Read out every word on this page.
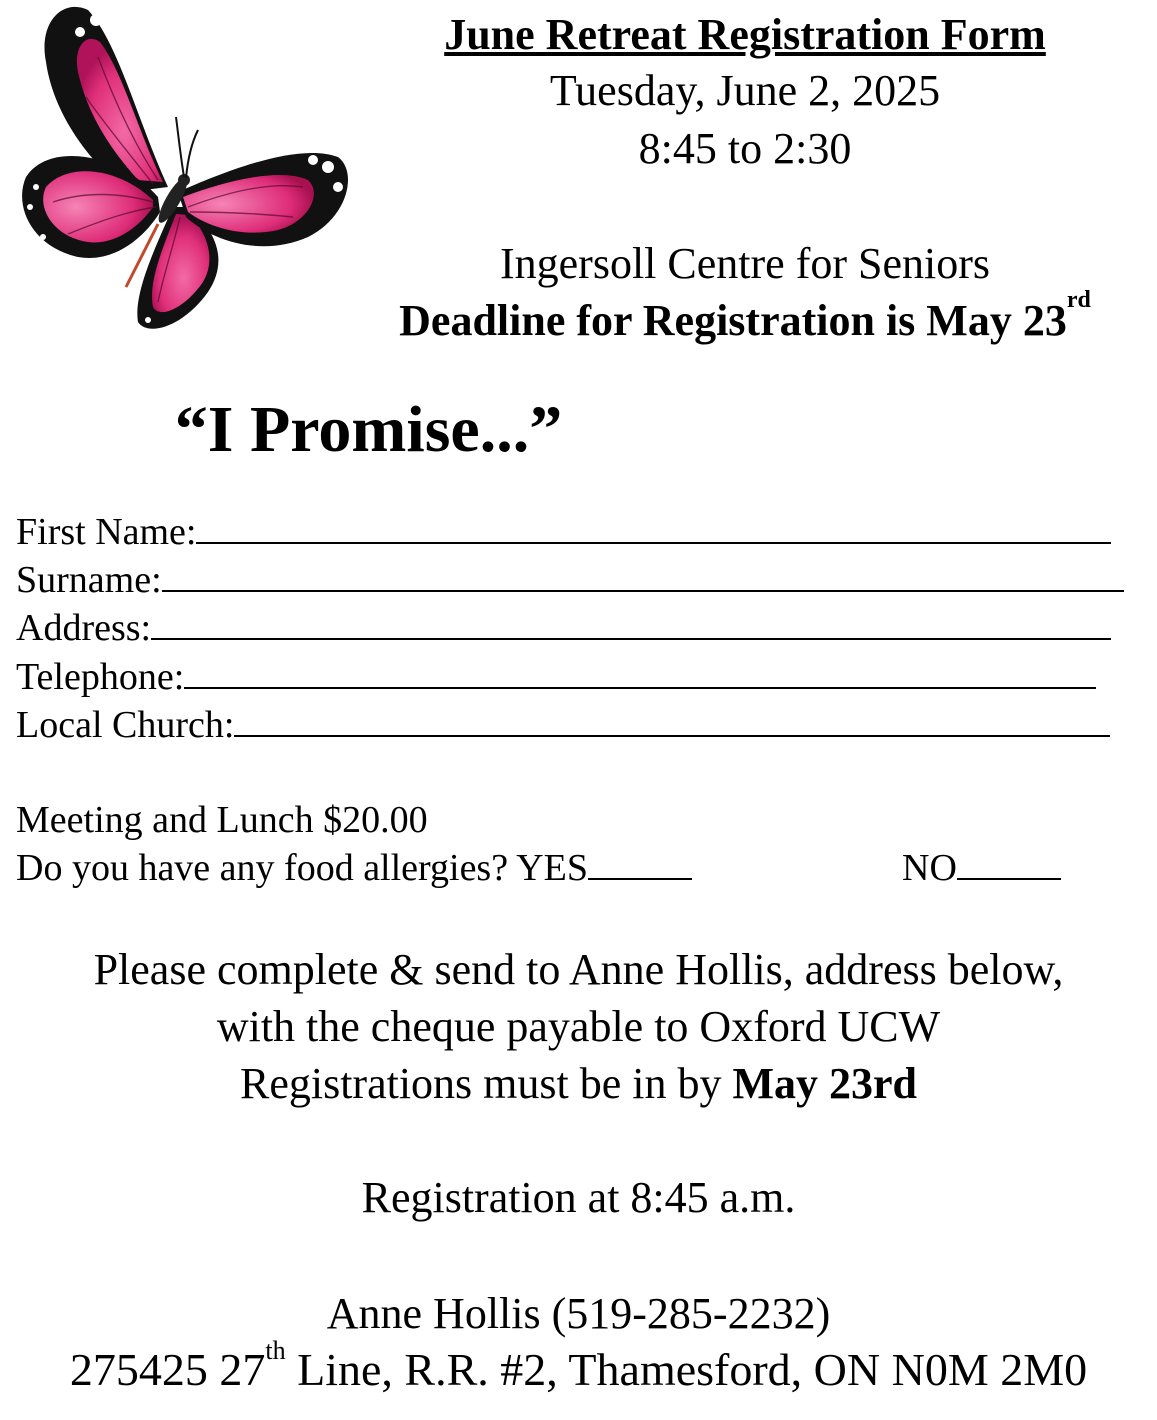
June Retreat Registration Form
Tuesday, June 2, 2025
8:45 to 2:30
Ingersoll Centre for Seniors
Deadline for Registration is May 23rd
“I Promise...”
First Name:
Surname:
Address:
Telephone:
Local Church:
Meeting and Lunch $20.00
Do you have any food allergies? YES	NO
Please complete & send to Anne Hollis, address below,
with the cheque payable to Oxford UCW
Registrations must be in by May 23rd
Registration at 8:45 a.m.
Anne Hollis (519-285-2232)
275425 27th Line, R.R. #2, Thamesford, ON N0M 2M0
